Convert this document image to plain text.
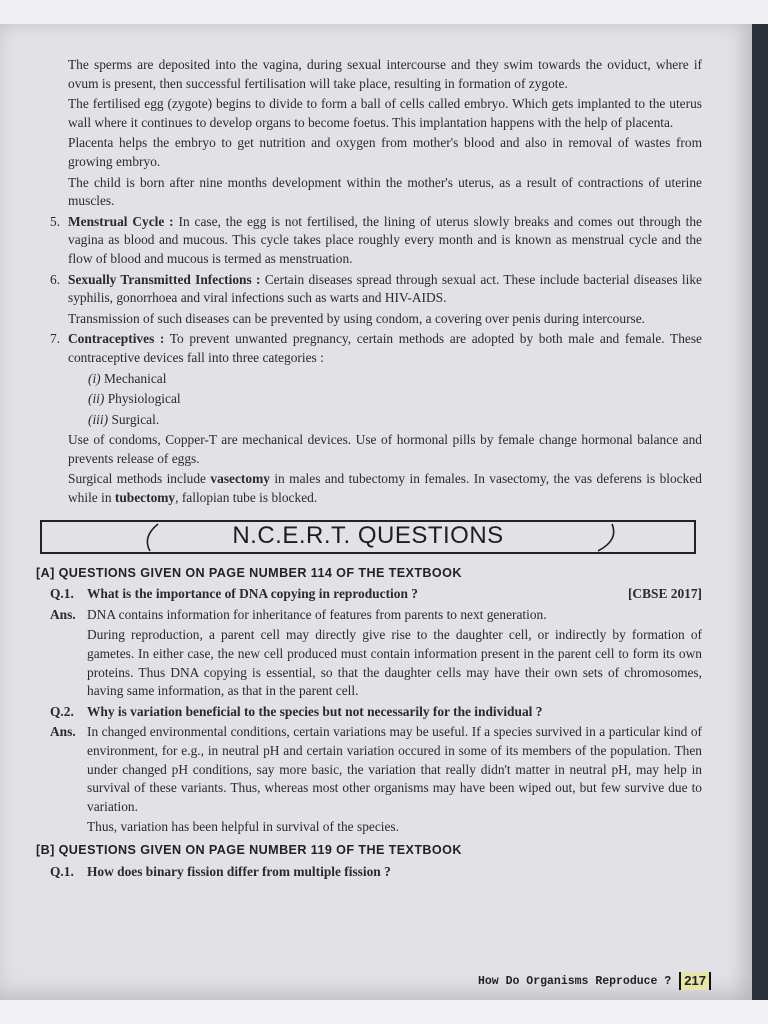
The sperms are deposited into the vagina, during sexual intercourse and they swim towards the oviduct, where if ovum is present, then successful fertilisation will take place, resulting in formation of zygote.

The fertilised egg (zygote) begins to divide to form a ball of cells called embryo. Which gets implanted to the uterus wall where it continues to develop organs to become foetus. This implantation happens with the help of placenta.

Placenta helps the embryo to get nutrition and oxygen from mother's blood and also in removal of wastes from growing embryo.

The child is born after nine months development within the mother's uterus, as a result of contractions of uterine muscles.

5. Menstrual Cycle : In case, the egg is not fertilised, the lining of uterus slowly breaks and comes out through the vagina as blood and mucous. This cycle takes place roughly every month and is known as menstrual cycle and the flow of blood and mucous is termed as menstruation.
6. Sexually Transmitted Infections : Certain diseases spread through sexual act. These include bacterial diseases like syphilis, gonorrhoea and viral infections such as warts and HIV-AIDS.

Transmission of such diseases can be prevented by using condom, a covering over penis during intercourse.

7. Contraceptives : To prevent unwanted pregnancy, certain methods are adopted by both male and female. These contraceptive devices fall into three categories :
(i) Mechanical
(ii) Physiological
(iii) Surgical.

Use of condoms, Copper-T are mechanical devices. Use of hormonal pills by female change hormonal balance and prevents release of eggs.

Surgical methods include vasectomy in males and tubectomy in females. In vasectomy, the vas deferens is blocked while in tubectomy, fallopian tube is blocked.

N.C.E.R.T. QUESTIONS
[A] QUESTIONS GIVEN ON PAGE NUMBER 114 OF THE TEXTBOOK
Q.1. What is the importance of DNA copying in reproduction ?	[CBSE 2017]
Ans. DNA contains information for inheritance of features from parents to next generation.

During reproduction, a parent cell may directly give rise to the daughter cell, or indirectly by formation of gametes. In either case, the new cell produced must contain information present in the parent cell to form its own proteins. Thus DNA copying is essential, so that the daughter cells may have their own sets of chromosomes, having same information, as that in the parent cell.

Q.2. Why is variation beneficial to the species but not necessarily for the individual ?
Ans. In changed environmental conditions, certain variations may be useful. If a species survived in a particular kind of environment, for e.g., in neutral pH and certain variation occured in some of its members of the population. Then under changed pH conditions, say more basic, the variation that really didn't matter in neutral pH, may help in survival of these variants. Thus, whereas most other organisms may have been wiped out, but few survive due to variation.

Thus, variation has been helpful in survival of the species.

[B] QUESTIONS GIVEN ON PAGE NUMBER 119 OF THE TEXTBOOK
Q.1. How does binary fission differ from multiple fission ?
How Do Organisms Reproduce ?	217
